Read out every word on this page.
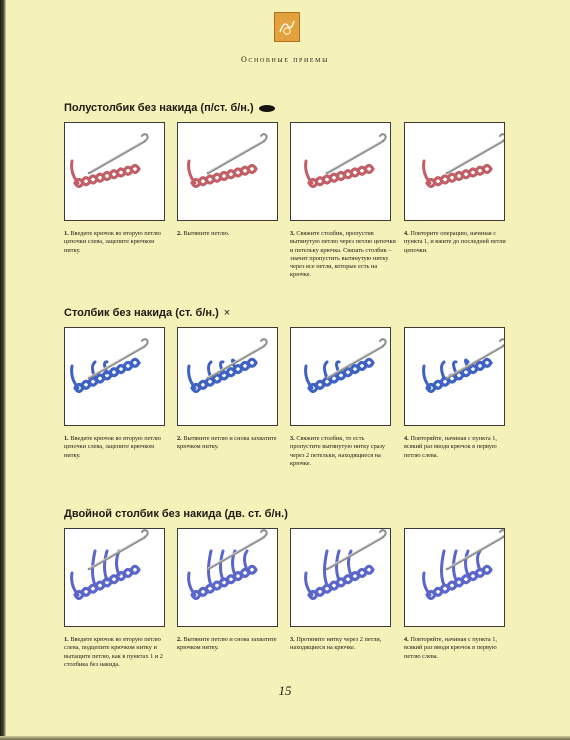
Основные приемы
Полустолбик без накида (п/ст. б/н.)
1. Введите крючок во вторую петлю цепочки слева, зацепите крючком нитку.
2. Вытяните петлю.	3. Свяжите столбик, пропустив вытянутую петлю через петлю цепочки и петельку крючка. Связать столбик – значит пропустить вытянутую нитку через все петли, которые есть на крючке.
4. Повторите операцию, начиная с пункта 1, и вжите до последней петли цепочки.
Столбик без накида (ст. б/н.) ×
1. Введите крючок во вторую петлю цепочки слева, зацепите крючком нитку.
2. Вытяните петлю и снова захватите крючком нитку.
3. Свяжите столбик, то есть пропустите вытянутую нитку сразу через 2 петельки, находящиеся на крючке.
4. Повторяйте, начиная с пункта 1, всякий раз вводя крючок в первую петлю слева.
Двойной столбик без накида (дв. ст. б/н.)
1. Введите крючок во вторую петлю слева, подцепите крючком нитку и вытащите петлю, как в пунктах 1 и 2 столбика без накида.
2. Вытяните петлю и снова захватите крючком нитку.
3. Протяните нитку через 2 петли, находящиеся на крючке.
4. Повторяйте, начиная с пункта 1, всякий раз вводя крючок в первую петлю слева.
15
